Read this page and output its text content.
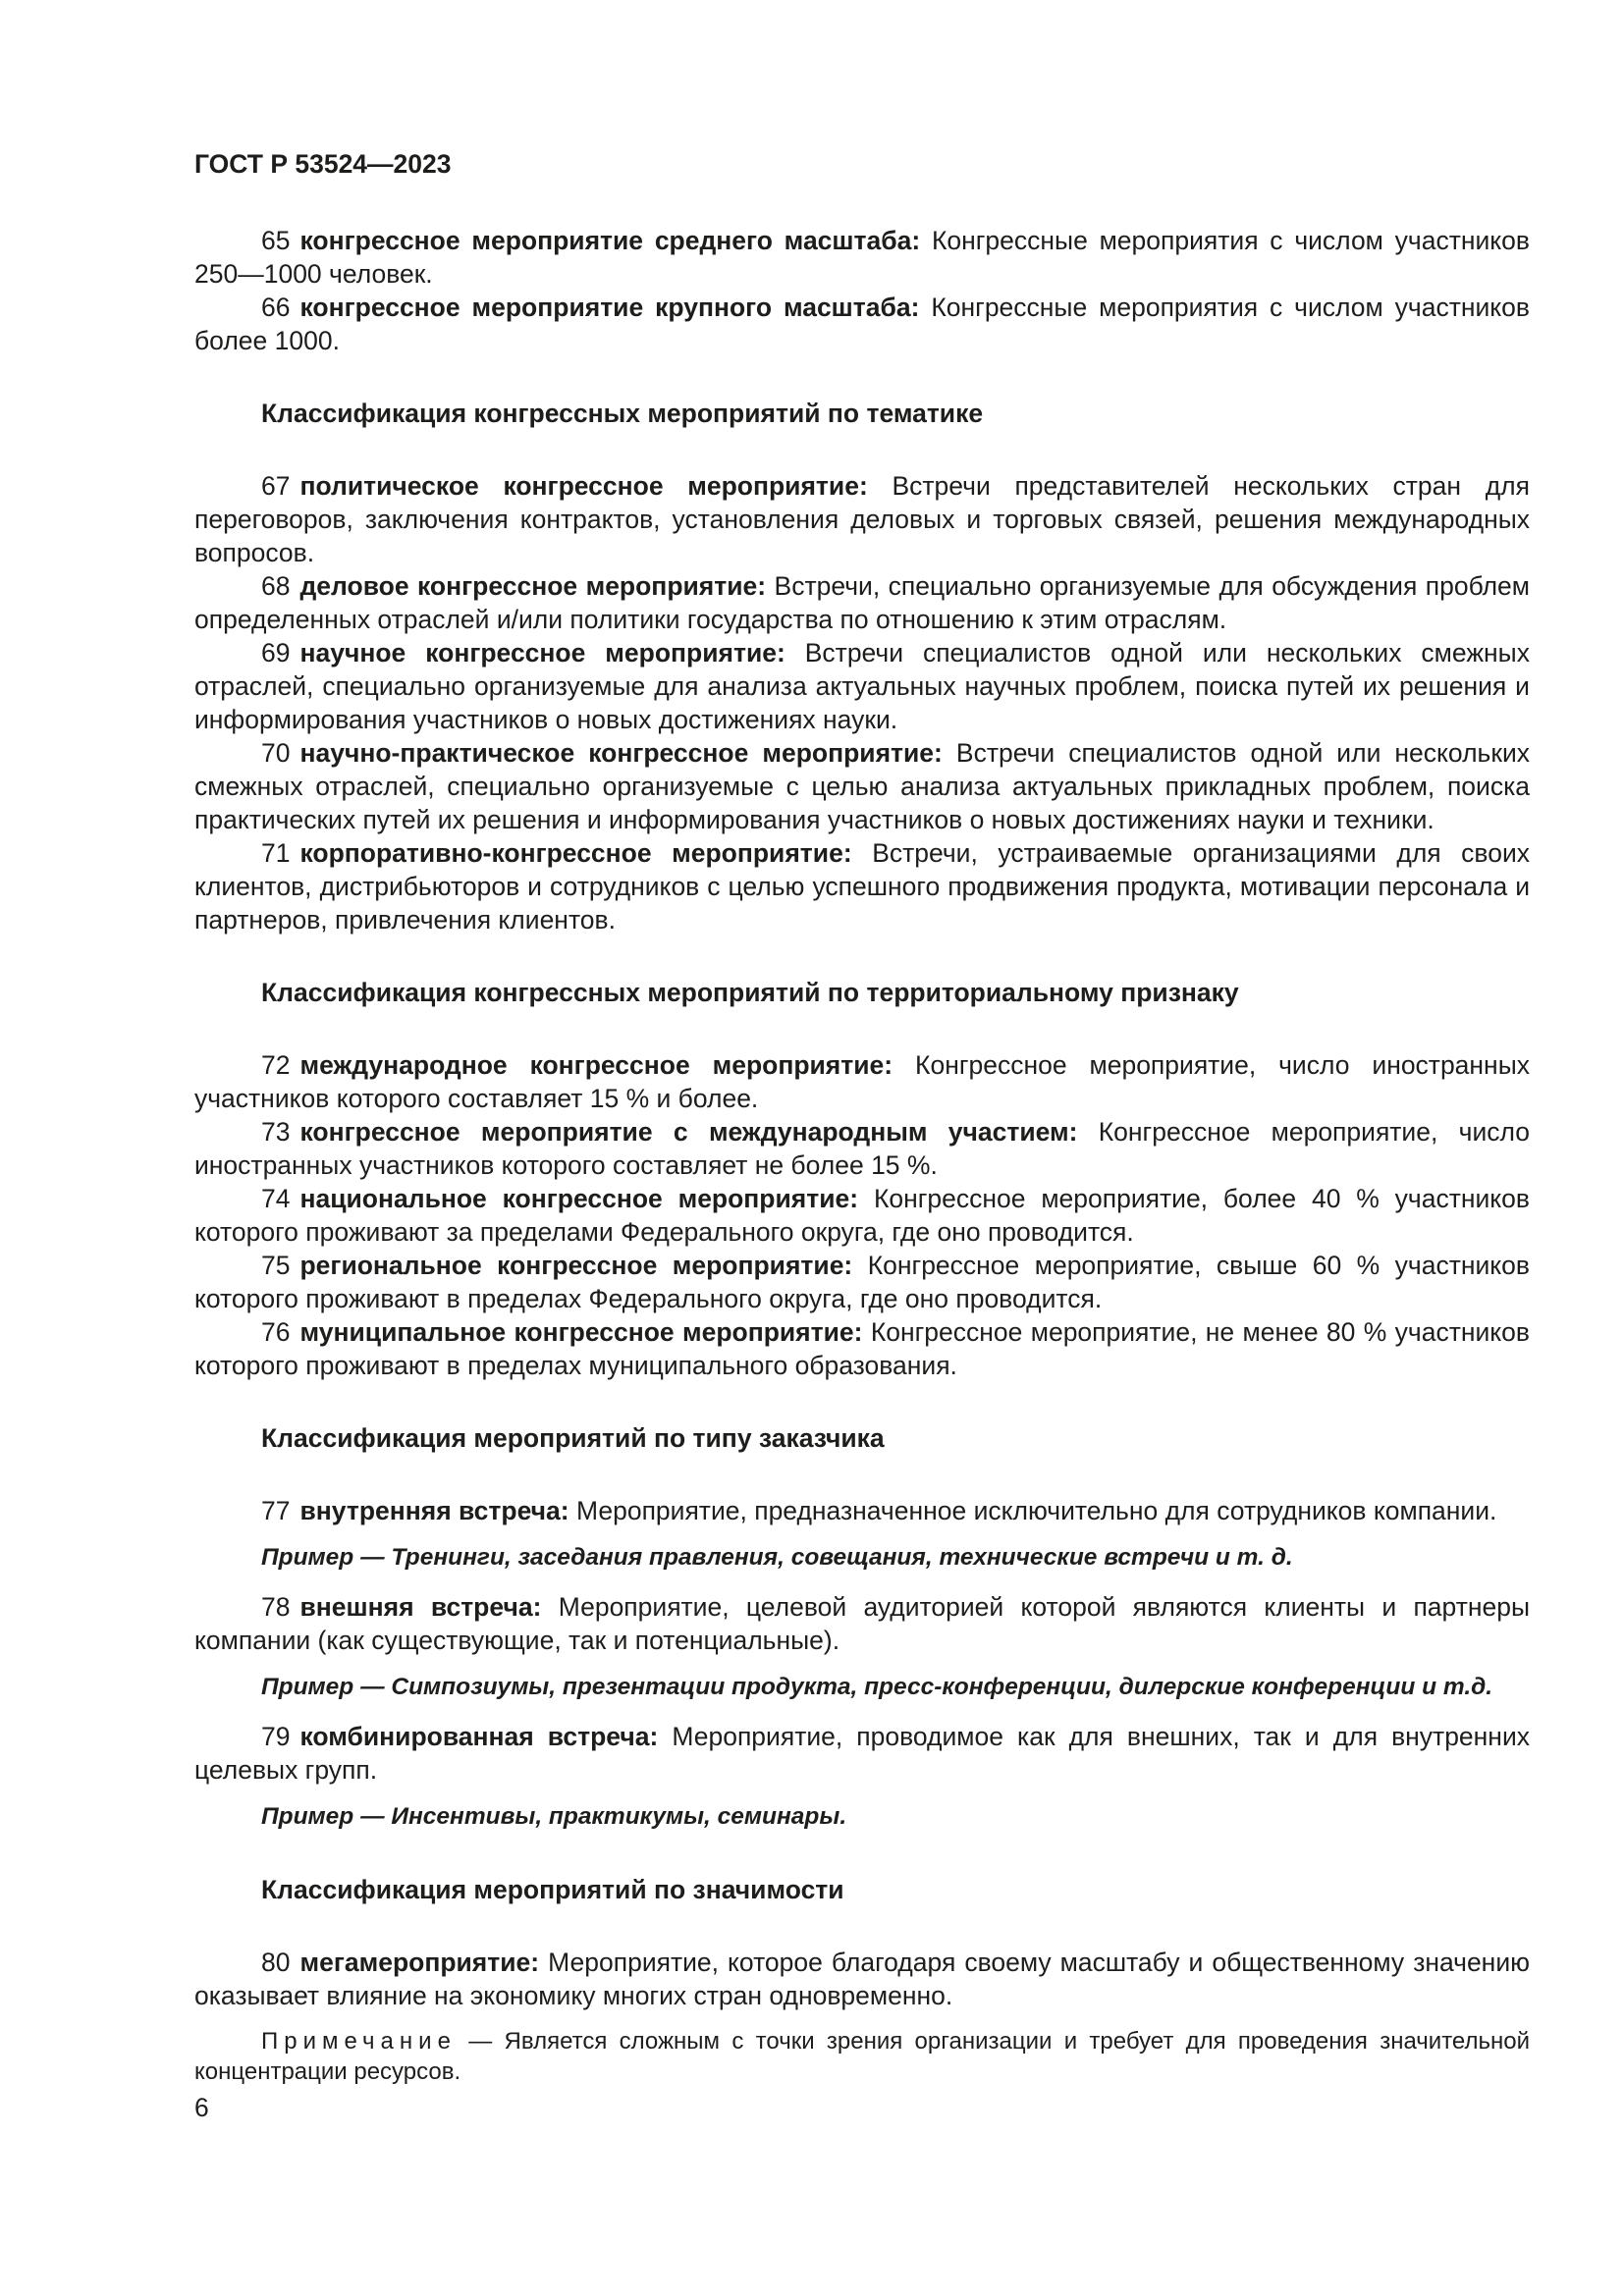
ГОСТ Р 53524—2023

65 конгрессное мероприятие среднего масштаба: Конгрессные мероприятия с числом участников 250—1000 человек.

66 конгрессное мероприятие крупного масштаба: Конгрессные мероприятия с числом участников более 1000.

Классификация конгрессных мероприятий по тематике

67 политическое конгрессное мероприятие: Встречи представителей нескольких стран для переговоров, заключения контрактов, установления деловых и торговых связей, решения международных вопросов.

68 деловое конгрессное мероприятие: Встречи, специально организуемые для обсуждения проблем определенных отраслей и/или политики государства по отношению к этим отраслям.

69 научное конгрессное мероприятие: Встречи специалистов одной или нескольких смежных отраслей, специально организуемые для анализа актуальных научных проблем, поиска путей их решения и информирования участников о новых достижениях науки.

70 научно-практическое конгрессное мероприятие: Встречи специалистов одной или нескольких смежных отраслей, специально организуемые с целью анализа актуальных прикладных проблем, поиска практических путей их решения и информирования участников о новых достижениях науки и техники.

71 корпоративно-конгрессное мероприятие: Встречи, устраиваемые организациями для своих клиентов, дистрибьюторов и сотрудников с целью успешного продвижения продукта, мотивации персонала и партнеров, привлечения клиентов.

Классификация конгрессных мероприятий по территориальному признаку

72 международное конгрессное мероприятие: Конгрессное мероприятие, число иностранных участников которого составляет 15 % и более.

73 конгрессное мероприятие с международным участием: Конгрессное мероприятие, число иностранных участников которого составляет не более 15 %.

74 национальное конгрессное мероприятие: Конгрессное мероприятие, более 40 % участников которого проживают за пределами Федерального округа, где оно проводится.

75 региональное конгрессное мероприятие: Конгрессное мероприятие, свыше 60 % участников которого проживают в пределах Федерального округа, где оно проводится.

76 муниципальное конгрессное мероприятие: Конгрессное мероприятие, не менее 80 % участников которого проживают в пределах муниципального образования.

Классификация мероприятий по типу заказчика

77 внутренняя встреча: Мероприятие, предназначенное исключительно для сотрудников компании.

Пример — Тренинги, заседания правления, совещания, технические встречи и т. д.

78 внешняя встреча: Мероприятие, целевой аудиторией которой являются клиенты и партнеры компании (как существующие, так и потенциальные).

Пример — Симпозиумы, презентации продукта, пресс-конференции, дилерские конференции и т.д.

79 комбинированная встреча: Мероприятие, проводимое как для внешних, так и для внутренних целевых групп.

Пример — Инсентивы, практикумы, семинары.

Классификация мероприятий по значимости

80 мегамероприятие: Мероприятие, которое благодаря своему масштабу и общественному значению оказывает влияние на экономику многих стран одновременно.

Примечание — Является сложным с точки зрения организации и требует для проведения значительной концентрации ресурсов.

6
